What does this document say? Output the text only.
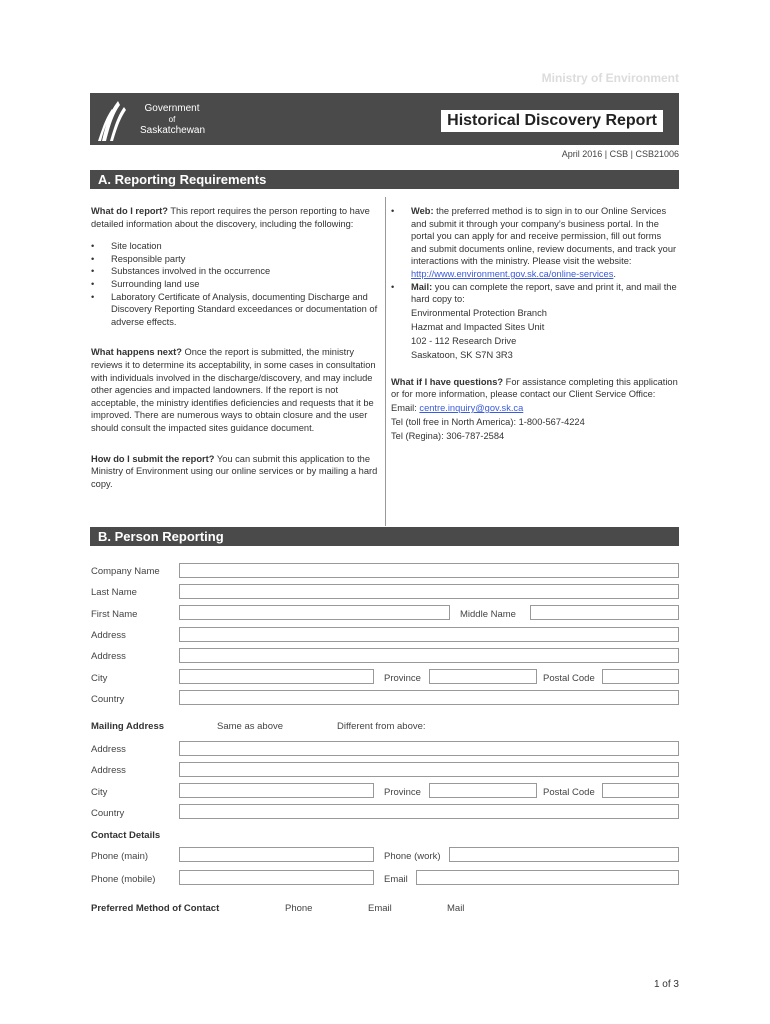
Ministry of Environment
Government
of
Saskatchewan
Historical Discovery Report
April 2016 | CSB | CSB21006
A. Reporting Requirements

What do I report? This report requires the person reporting to have detailed information about the discovery, including the following:

• Site location
• Responsible party
• Substances involved in the occurrence
• Surrounding land use
• Laboratory Certificate of Analysis, documenting Discharge and Discovery Reporting Standard exceedances or documentation of adverse effects.

What happens next? Once the report is submitted, the ministry reviews it to determine its acceptability, in some cases in consultation with individuals involved in the discharge/discovery, and may include other agencies and impacted landowners. If the report is not acceptable, the ministry identifies deficiencies and requests that it be improved. There are numerous ways to obtain closure and the user should consult the impacted sites guidance document.

How do I submit the report? You can submit this application to the Ministry of Environment using our online services or by mailing a hard copy.

• Web: the preferred method is to sign in to our Online Services and submit it through your company’s business portal. In the portal you can apply for and receive permission, fill out forms and submit documents online, review documents, and track your interactions with the ministry. Please visit the website: http://www.environment.gov.sk.ca/online-services.
• Mail: you can complete the report, save and print it, and mail the hard copy to:
Environmental Protection Branch
Hazmat and Impacted Sites Unit
102 - 112 Research Drive
Saskatoon, SK S7N 3R3

What if I have questions? For assistance completing this application or for more information, please contact our Client Service Office:

Email: centre.inquiry@gov.sk.ca
Tel (toll free in North America): 1-800-567-4224
Tel (Regina): 306-787-2584
B. Person Reporting
Company Name
Last Name
First Name	Middle Name
Address
Address
City	Province	Postal Code
Country
Mailing Address	Same as above	Different from above:
Address
Address
City	Province	Postal Code
Country
Contact Details
Phone (main)	Phone (work)
Phone (mobile)	Email
Preferred Method of Contact	Phone	Email	Mail
1 of 3
